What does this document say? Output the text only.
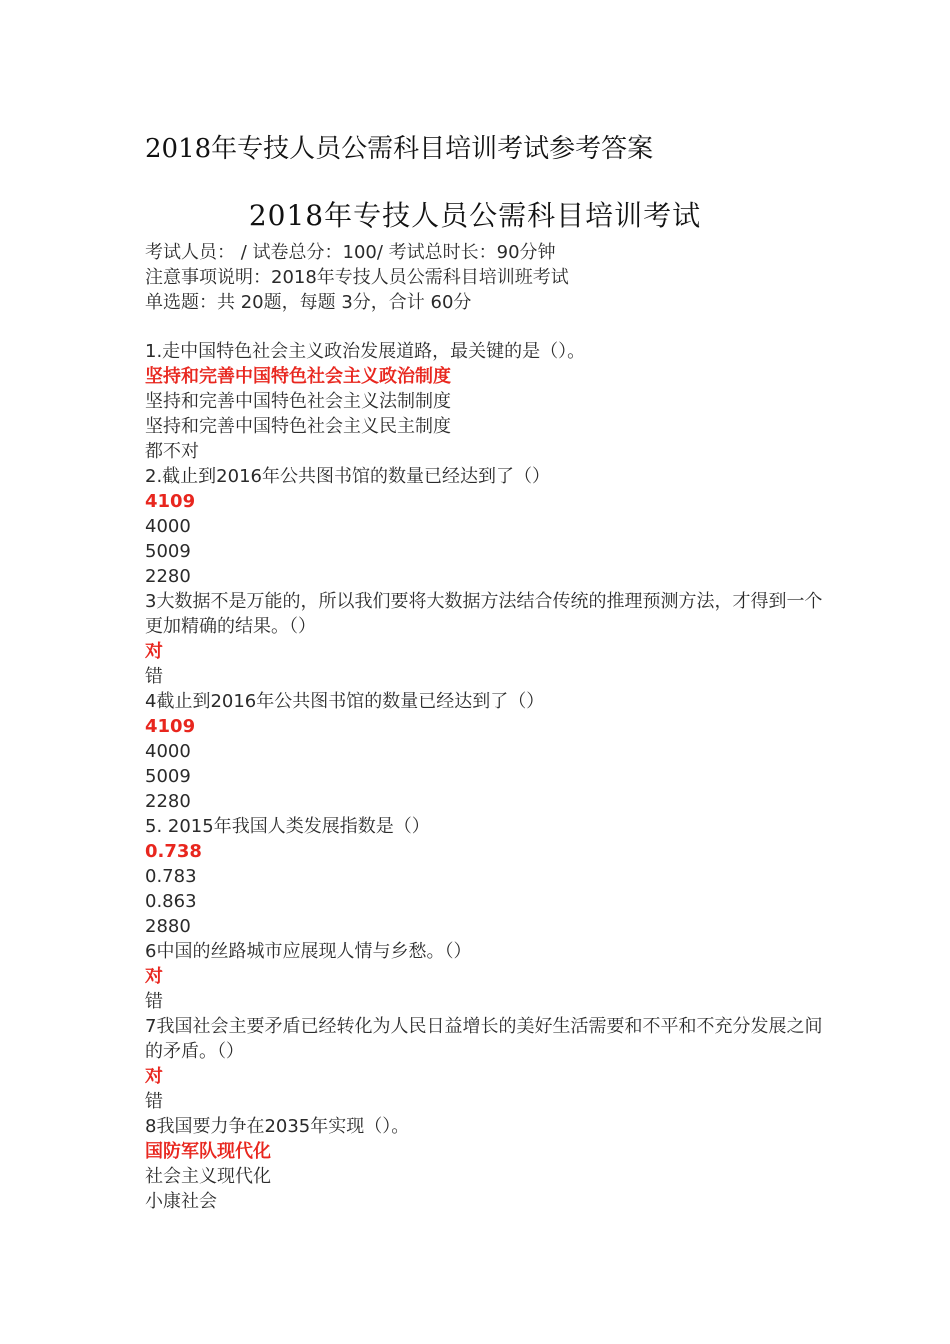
2018年专技人员公需科目培训考试参考答案
2018年专技人员公需科目培训考试
考试人员： / 试卷总分：100/ 考试总时长：90分钟
注意事项说明：2018年专技人员公需科目培训班考试
单选题：共 20题，每题 3分，合计 60分
1.走中国特色社会主义政治发展道路，最关键的是（）。
坚持和完善中国特色社会主义政治制度
坚持和完善中国特色社会主义法制制度
坚持和完善中国特色社会主义民主制度
都不对
2.截止到2016年公共图书馆的数量已经达到了（）
4109
4000
5009
2280
3大数据不是万能的，所以我们要将大数据方法结合传统的推理预测方法，才得到一个更加精确的结果。（）
对
错
4截止到2016年公共图书馆的数量已经达到了（）
4109
4000
5009
2280
5. 2015年我国人类发展指数是（）
0.738
0.783
0.863
2880
6中国的丝路城市应展现人情与乡愁。（）
对
错
7我国社会主要矛盾已经转化为人民日益增长的美好生活需要和不平和不充分发展之间的矛盾。（）
对
错
8我国要力争在2035年实现（）。
国防军队现代化
社会主义现代化
小康社会
